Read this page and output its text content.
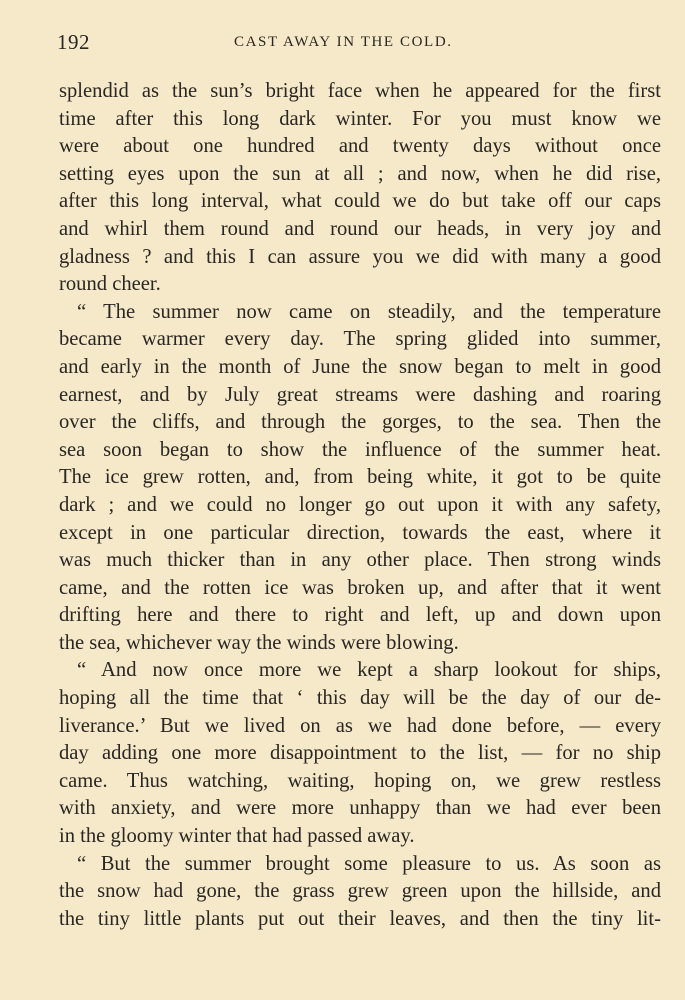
192	CAST AWAY IN THE COLD.
splendid as the sun’s bright face when he appeared for the first
time after this long dark winter. For you must know we
were about one hundred and twenty days without once
setting eyes upon the sun at all ; and now, when he did rise,
after this long interval, what could we do but take off our caps
and whirl them round and round our heads, in very joy and
gladness ? and this I can assure you we did with many a good
round cheer.
“ The summer now came on steadily, and the temperature
became warmer every day. The spring glided into summer,
and early in the month of June the snow began to melt in good
earnest, and by July great streams were dashing and roaring
over the cliffs, and through the gorges, to the sea. Then the
sea soon began to show the influence of the summer heat.
The ice grew rotten, and, from being white, it got to be quite
dark ; and we could no longer go out upon it with any safety,
except in one particular direction, towards the east, where it
was much thicker than in any other place. Then strong winds
came, and the rotten ice was broken up, and after that it went
drifting here and there to right and left, up and down upon
the sea, whichever way the winds were blowing.
“ And now once more we kept a sharp lookout for ships,
hoping all the time that ‘ this day will be the day of our de-
liverance.’ But we lived on as we had done before, — every
day adding one more disappointment to the list, — for no ship
came. Thus watching, waiting, hoping on, we grew restless
with anxiety, and were more unhappy than we had ever been
in the gloomy winter that had passed away.
“ But the summer brought some pleasure to us. As soon as
the snow had gone, the grass grew green upon the hillside, and
the tiny little plants put out their leaves, and then the tiny lit-
